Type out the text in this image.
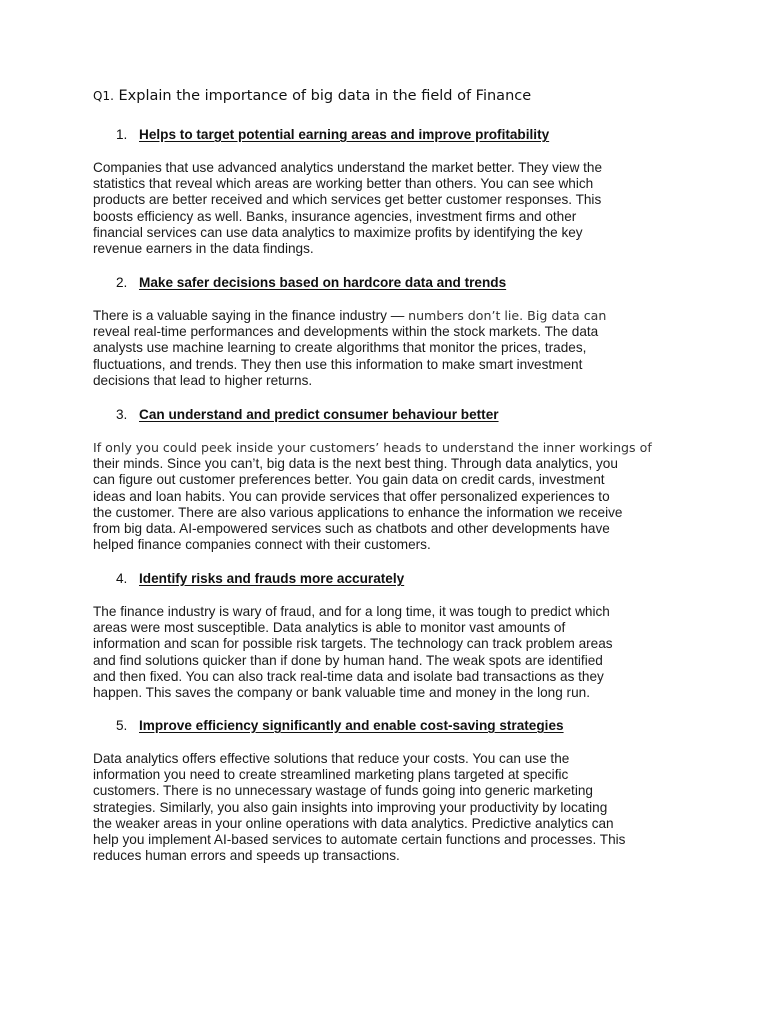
Q1. Explain the importance of big data in the field of Finance
1. Helps to target potential earning areas and improve profitability
Companies that use advanced analytics understand the market better. They view the
statistics that reveal which areas are working better than others. You can see which
products are better received and which services get better customer responses. This
boosts efficiency as well. Banks, insurance agencies, investment firms and other
financial services can use data analytics to maximize profits by identifying the key
revenue earners in the data findings.
2. Make safer decisions based on hardcore data and trends
There is a valuable saying in the finance industry — numbers don’t lie. Big data can
reveal real-time performances and developments within the stock markets. The data
analysts use machine learning to create algorithms that monitor the prices, trades,
fluctuations, and trends. They then use this information to make smart investment
decisions that lead to higher returns.
3. Can understand and predict consumer behaviour better
If only you could peek inside your customers’ heads to understand the inner workings of
their minds. Since you can’t, big data is the next best thing. Through data analytics, you
can figure out customer preferences better. You gain data on credit cards, investment
ideas and loan habits. You can provide services that offer personalized experiences to
the customer. There are also various applications to enhance the information we receive
from big data. AI-empowered services such as chatbots and other developments have
helped finance companies connect with their customers.
4. Identify risks and frauds more accurately
The finance industry is wary of fraud, and for a long time, it was tough to predict which
areas were most susceptible. Data analytics is able to monitor vast amounts of
information and scan for possible risk targets. The technology can track problem areas
and find solutions quicker than if done by human hand. The weak spots are identified
and then fixed. You can also track real-time data and isolate bad transactions as they
happen. This saves the company or bank valuable time and money in the long run.
5. Improve efficiency significantly and enable cost-saving strategies
Data analytics offers effective solutions that reduce your costs. You can use the
information you need to create streamlined marketing plans targeted at specific
customers. There is no unnecessary wastage of funds going into generic marketing
strategies. Similarly, you also gain insights into improving your productivity by locating
the weaker areas in your online operations with data analytics. Predictive analytics can
help you implement AI-based services to automate certain functions and processes. This
reduces human errors and speeds up transactions.
